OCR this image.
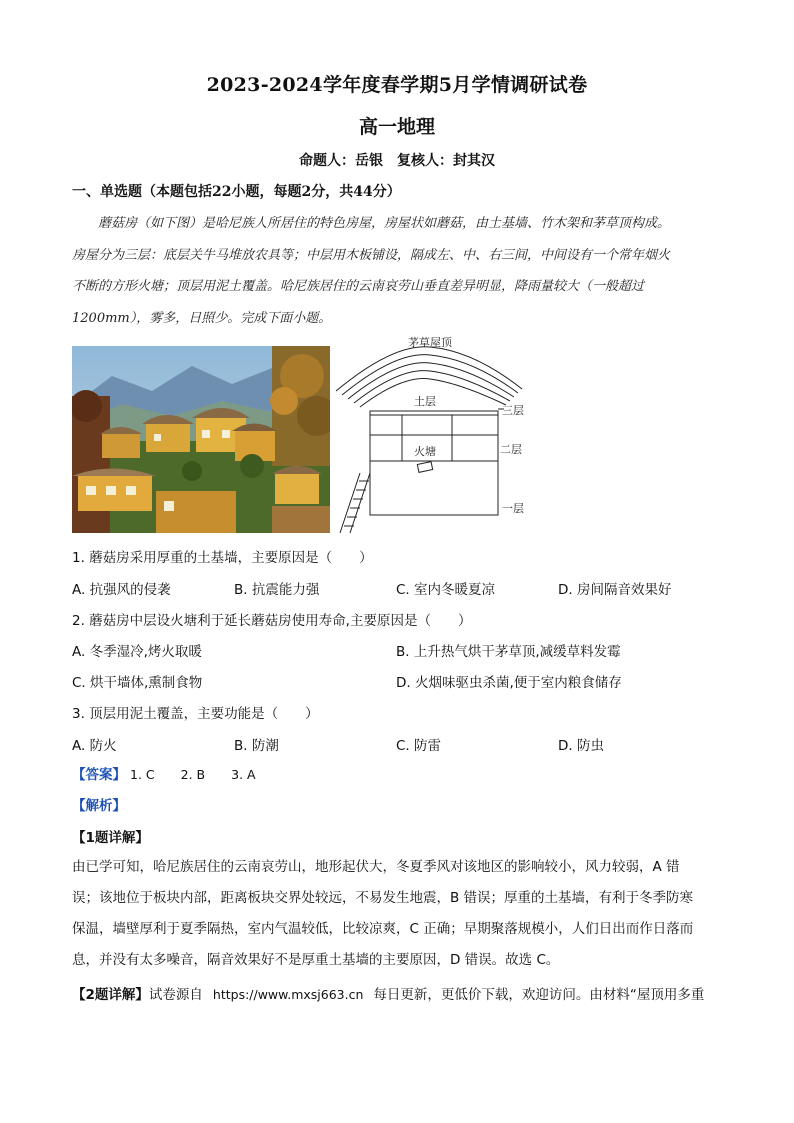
2023-2024学年度春学期5月学情调研试卷
高一地理
命题人：岳银　复核人：封其汉
一、单选题（本题包括22小题，每题2分，共44分）

蘑菇房（如下图）是哈尼族人所居住的特色房屋，房屋状如蘑菇，由土基墙、竹木架和茅草顶构成。

房屋分为三层：底层关牛马堆放农具等；中层用木板铺设，隔成左、中、右三间，中间设有一个常年烟火

不断的方形火塘；顶层用泥土覆盖。哈尼族居住的云南哀劳山垂直差异明显，降雨量较大（一般超过

1200mm），雾多，日照少。完成下面小题。

茅草屋顶
土层
火塘
三层
二层
一层
1. 蘑菇房采用厚重的土基墙，主要原因是（　　）
A. 抗强风的侵袭	B. 抗震能力强	C. 室内冬暖夏凉	D. 房间隔音效果好
2. 蘑菇房中层设火塘利于延长蘑菇房使用寿命,主要原因是（　　）
A. 冬季湿冷,烤火取暖	B. 上升热气烘干茅草顶,减缓草料发霉
C. 烘干墙体,熏制食物	D. 火烟味驱虫杀菌,便于室内粮食储存
3. 顶层用泥土覆盖，主要功能是（　　）
A. 防火	B. 防潮	C. 防雷	D. 防虫
【答案】 1. C 2. B 3. A
【解析】
【1题详解】

由已学可知，哈尼族居住的云南哀劳山，地形起伏大，冬夏季风对该地区的影响较小，风力较弱，A 错

误；该地位于板块内部，距离板块交界处较远，不易发生地震，B 错误；厚重的土基墙，有利于冬季防寒

保温，墙壁厚利于夏季隔热，室内气温较低，比较凉爽，C 正确；早期聚落规模小，人们日出而作日落而

息，并没有太多噪音，隔音效果好不是厚重土基墙的主要原因，D 错误。故选 C。

【2题详解】试卷源自 https://www.mxsj663.cn 每日更新，更低价下载，欢迎访问。由材料“屋顶用多重
